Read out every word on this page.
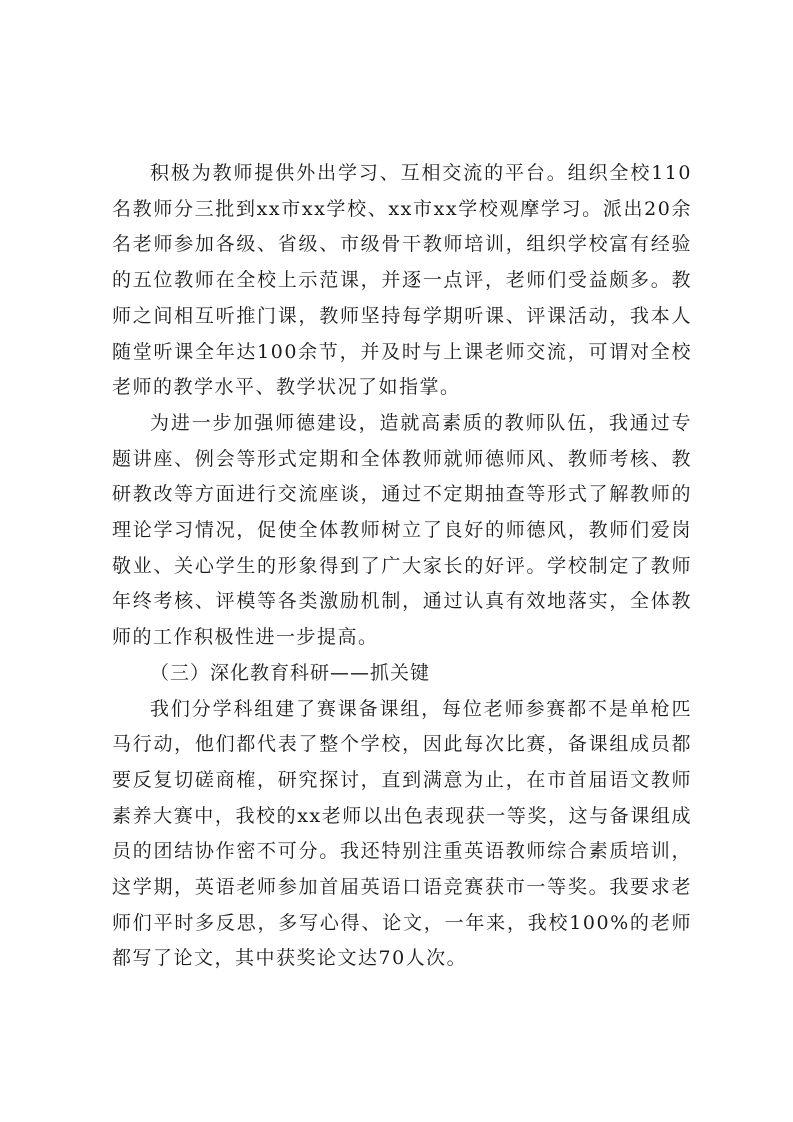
积极为教师提供外出学习、互相交流的平台。组织全校110名教师分三批到xx市xx学校、xx市xx学校观摩学习。派出20余名老师参加各级、省级、市级骨干教师培训，组织学校富有经验的五位教师在全校上示范课，并逐一点评，老师们受益颇多。教师之间相互听推门课，教师坚持每学期听课、评课活动，我本人随堂听课全年达100余节，并及时与上课老师交流，可谓对全校老师的教学水平、教学状况了如指掌。

为进一步加强师德建设，造就高素质的教师队伍，我通过专题讲座、例会等形式定期和全体教师就师德师风、教师考核、教研教改等方面进行交流座谈，通过不定期抽查等形式了解教师的理论学习情况，促使全体教师树立了良好的师德风，教师们爱岗敬业、关心学生的形象得到了广大家长的好评。学校制定了教师年终考核、评模等各类激励机制，通过认真有效地落实，全体教师的工作积极性进一步提高。

（三）深化教育科研——抓关键

我们分学科组建了赛课备课组，每位老师参赛都不是单枪匹马行动，他们都代表了整个学校，因此每次比赛，备课组成员都要反复切磋商榷，研究探讨，直到满意为止，在市首届语文教师素养大赛中，我校的xx老师以出色表现获一等奖，这与备课组成员的团结协作密不可分。我还特别注重英语教师综合素质培训，这学期，英语老师参加首届英语口语竞赛获市一等奖。我要求老师们平时多反思，多写心得、论文，一年来，我校100%的老师都写了论文，其中获奖论文达70人次。
